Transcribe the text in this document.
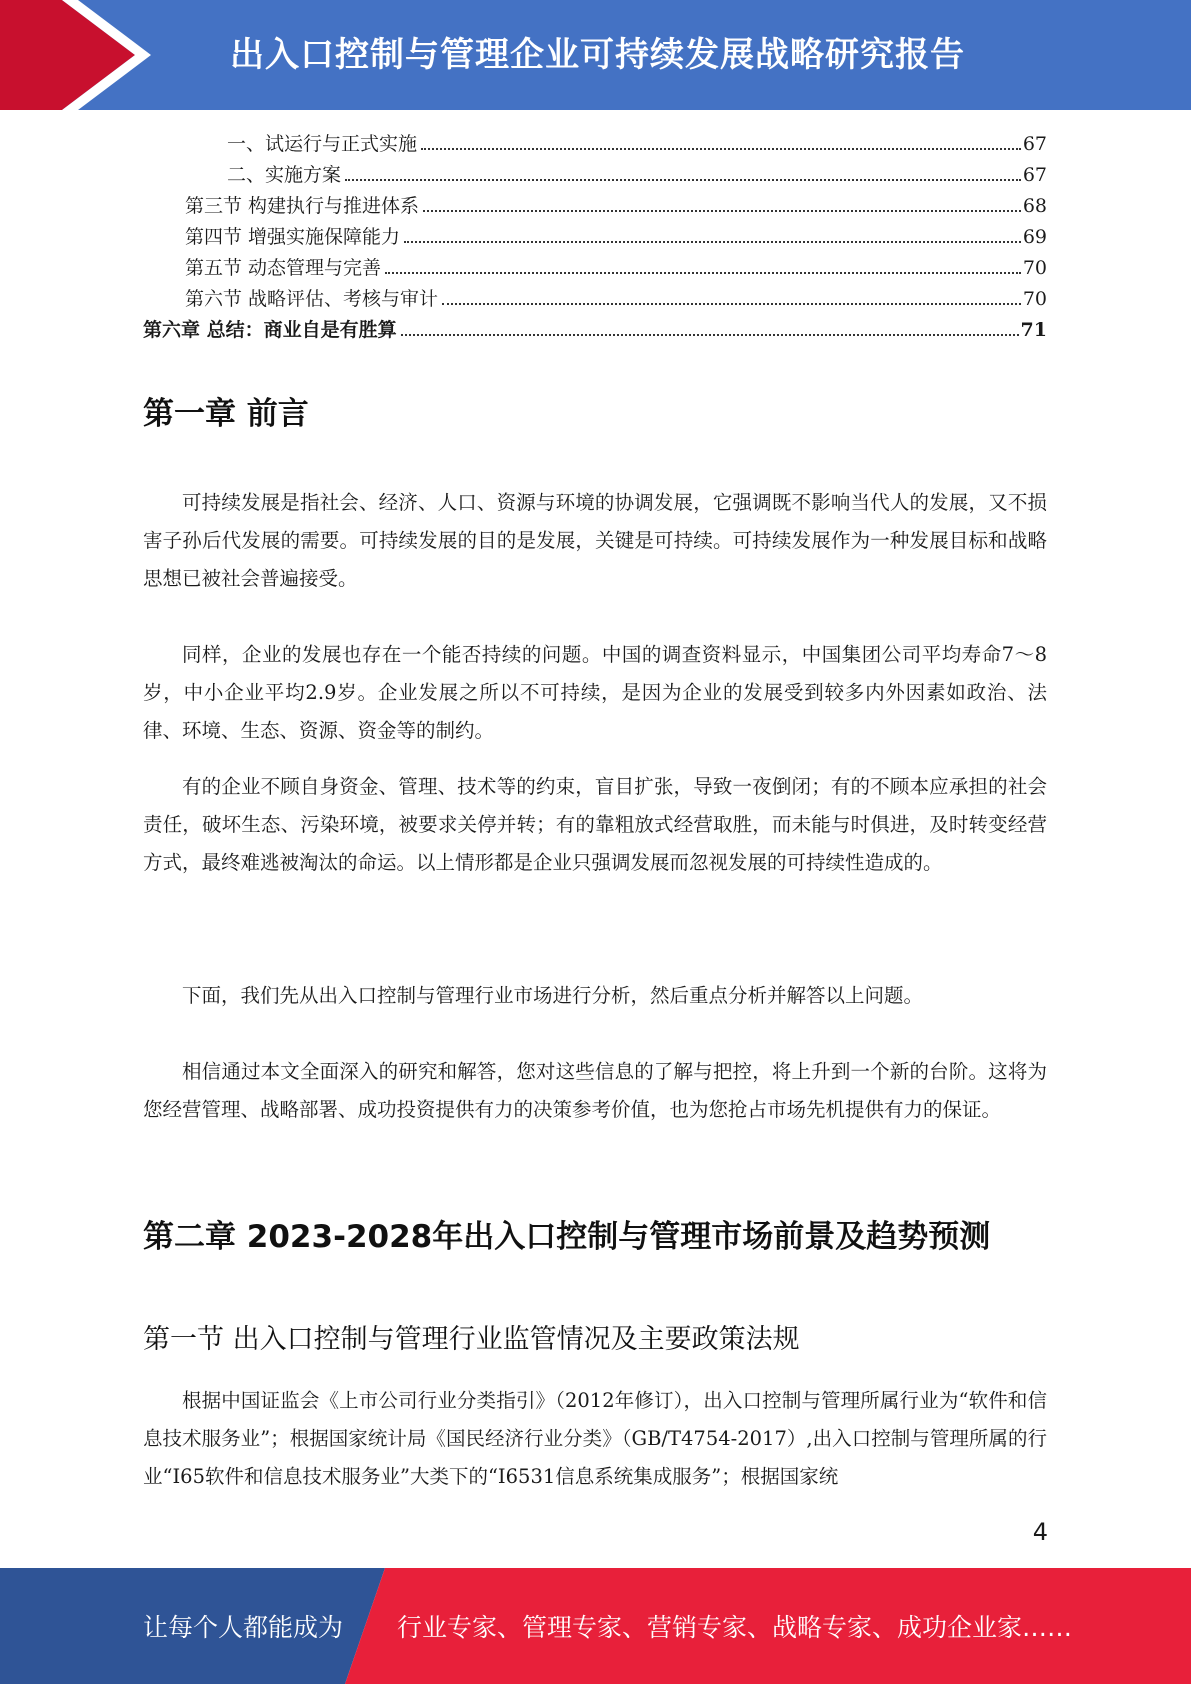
出入口控制与管理企业可持续发展战略研究报告
一、试运行与正式实施	67
二、实施方案	67
第三节 构建执行与推进体系	68
第四节 增强实施保障能力	69
第五节 动态管理与完善	70
第六节 战略评估、考核与审计	70
第六章 总结：商业自是有胜算	71
第一章 前言

可持续发展是指社会、经济、人口、资源与环境的协调发展，它强调既不影响当代人的发展，又不损害子孙后代发展的需要。可持续发展的目的是发展，关键是可持续。可持续发展作为一种发展目标和战略思想已被社会普遍接受。

同样，企业的发展也存在一个能否持续的问题。中国的调查资料显示，中国集团公司平均寿命7～8岁，中小企业平均2.9岁。企业发展之所以不可持续，是因为企业的发展受到较多内外因素如政治、法律、环境、生态、资源、资金等的制约。

有的企业不顾自身资金、管理、技术等的约束，盲目扩张，导致一夜倒闭；有的不顾本应承担的社会责任，破坏生态、污染环境，被要求关停并转；有的靠粗放式经营取胜，而未能与时俱进，及时转变经营方式，最终难逃被淘汰的命运。以上情形都是企业只强调发展而忽视发展的可持续性造成的。

下面，我们先从出入口控制与管理行业市场进行分析，然后重点分析并解答以上问题。

相信通过本文全面深入的研究和解答，您对这些信息的了解与把控，将上升到一个新的台阶。这将为您经营管理、战略部署、成功投资提供有力的决策参考价值，也为您抢占市场先机提供有力的保证。

第二章 2023-2028年出入口控制与管理市场前景及趋势预测
第一节 出入口控制与管理行业监管情况及主要政策法规

根据中国证监会《上市公司行业分类指引》（2012年修订），出入口控制与管理所属行业为“软件和信息技术服务业”；根据国家统计局《国民经济行业分类》（GB/T4754-2017）,出入口控制与管理所属的行业“I65软件和信息技术服务业”大类下的“I6531信息系统集成服务”；根据国家统

4
让每个人都能成为 行业专家、管理专家、营销专家、战略专家、成功企业家……
